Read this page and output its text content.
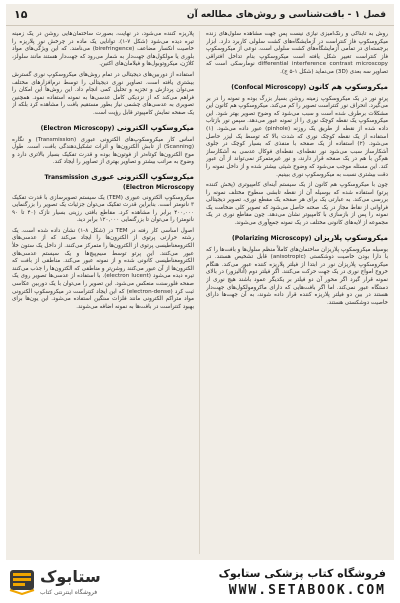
فصل ۱ - بافت‌شناسی و روش‌های مطالعه آن
۱۵

روش به تابناکی و رنگ‌آمیزی نیازی نیست پس جهت مشاهده سلول‌های زنده میکروسکوپ فاز کنتراست در آزمایشگاه‌های کشت سلولی کاربرد دارد. ابزار برجسته‌ای در تمامی آزمایشگاه‌های کشت سلولی است. نوعی از میکروسکوپ فاز کنتراست تغییر شکل یافته است میکروسکوپ بنام تداخل افتراقی differential interference contrast microscopy نومارسکی است که تصاویر سه بعدی (3D) می‌نماید (شکل ۱-۵ ج).

میکروسکوپ هم کانون (Confocal Microscopy)

پرتو نور در یک میکروسکوپ زمینه روشن بسیار بزرگ بوده و نمونه را در بر می‌گیرد. انحراف نور کنتراست تصویر را کم می‌کند. میکروسکوپ هم کانون این مشکلات برطرف شده است و سبب می‌شود که وضوح تصویر بهتر شود. این میکروسکوپ یک نقطه کوچک نوری را از نمونه عبور می‌دهد. سپس نور بازتاب داده شده از نقطه از طریق یک روزنه (pinhole) عبور داده می‌شود. (۱) استفاده از یک نقطه کوچک نوری که شدت بالا که توسط یک لیزر حاصل می‌شود. (۲) استفاده از یک صفحه با منفذی که بسیار کوچک در جلوی آشکارساز سبب می‌شود نور نقطه‌ای، نقطه‌ای فوکال عدسی به آشکارساز هم‌گن با هم در یک صفحه قرار دارند، و نور غیرمتمرکز نمی‌تواند از آن عبور کند. این مسئله موجب می‌شود که وضوح شیئی بیشتر شده و از داخل نمونه را دقت بیشتری نسبت به میکروسکوپ نوری ببینیم.

چون با میکروسکوپ هم کانون از یک سیستم آینه‌ای کامپیوتری (پخش کننده پرتو) استفاده شده که بوسیله آن از نقطه تابشی سطوح مختلف نمونه را بررسی می‌کند. به عبارتی یک برای هر صفحه یک مقطع نوری، تصویر دیجیتالی فراوانی از نقاط مجاز در یک صحنه حاصل می‌شود که تصویر کلی ضخامت یک نمونه را پس از بازسازی با کامپیوتر نشان می‌دهد. چون مقاطع نوری در یک مجموعه از لایه‌های کانونی مختلف در یک نمونه جمع‌آوری می‌شوند.

میکروسکوپ پلاریزان (Polarizing Microscopy)

بوسیله میکروسکوپ پلاریزان ساختمان‌های کاملاً منظم سلول‌ها و بافت‌ها را که با دارا بودن خاصیت دوشکستی (anisotropic) قابل تشخیص هستند. در میکروسکوپ پلاریزان نور در ابتدا از فیلتر پلاریزه کننده عبور می‌کند. هنگام خروج امواج نوری در یک جهت حرکت می‌کنند. اگر فیلتر دوم (آنالیزور) در بالای نمونه قرار گیرد اگر محور آن دو فیلتر بر یکدیگر عمود باشند هیچ نوری از دستگاه عبور نمی‌کند. اما اگر بافت‌هایی که دارای ماکرومولکول‌های جهت‌دار هستند در بین دو فیلتر پلاریزه کننده قرار داده شوند، به آن جهت‌ها دارای خاصیت دوشکستی هستند.

پلاریزه کننده می‌شود، در نهایت، بصورت ساختمان‌هایی روشن در یک زمینه تیره دیده می‌شود (شکل ۷-۱). توانایی یک ماده در چرخش نور پلاریزه را خاصیت انکسار مضاعف (birefringence) می‌نامند. که این ویژگی‌های مواد بلوری یا مولکول‌های جهت‌دار به شمار می‌رود که جهت‌دار هستند مانند سلولز، کلاژن، میکروتوبول‌ها و فیلامان‌های اکتین.

استفاده از دوربین‌های دیجیتالی در تمام روش‌های میکروسکوپ نوری گسترش بیشتری یافته است. تصاویر نوری دیجیتالی را توسط نرم‌افزارهای مختلف می‌توان پردازش و تجزیه و تحلیل کمی انجام داد. این روش‌ها این امکان را فراهم می‌کند که از نزدیکی کامل عدسی‌ها به نمونه استفاده نمود. همچنین تصویری به عدسی‌های چشمی نیاز بطور مستقیم بافت را مشاهده کرد بلکه از یک صفحه نمایش کامپیوتر قابل رؤیت است.

میکروسکوپ الکترونی (Electron Microscopy)

اساس کار میکروسکوپ‌های الکترونی عبوری (Transmission) و نگاره (Scanning) از تابش الکترون‌ها و اثرات تشکیل‌دهندگی بافت، است. طول موج الکترون‌ها کوتاه‌تر از فوتون‌ها بوده و قدرت تفکیک بسیار بالاتری دارد و وضوح به مراتب بیشتر و تصاویر بهتری از تصاویر را ایجاد کند.

میکروسکوپ الکترونی عبوری Transmission
(Electron Microscopy

میکروسکوپ الکترونی عبوری (TEM) یک سیستم تصویرسازی با قدرت تفکیک ۳ نانومتر است. بنابراین قدرت تفکیک می‌توان جزئیات یک تصویر را بزرگنمایی ۴۰۰,۰۰۰ برابر را مشاهده کرد. مقاطع بافتی رزینی بسیار نازک (۴۰ تا ۹۰ نانومتر) را می‌توان تا بزرگنمایی ۱۲۰,۰۰۰ برابر دید.

اصول اساسی کار رفته در TEM در (شکل ۸-۱) نشان داده شده است. یک رشته حرارتی پرتوی از الکترون‌ها را ایجاد می‌کند که از عدسی‌های الکترومغناطیسی پرتوی از الکترون‌ها را متمرکز می‌کنند. از داخل یک ستون خلأ عبور می‌کنند. این پرتو توسط سیم‌پیچ‌ها و یک سیستم عدسی‌های الکترومغناطیسی کانونی شده و از نمونه عبور می‌کند. مناطقی از بافت که الکترون‌ها از آن عبور می‌کنند روشن‌تر و مناطقی که الکترون‌ها را جذب می‌کنند تیره دیده می‌شود (electron lucent). با استفاده از عدسی‌ها تصویر روی یک صفحه فلورسنت منعکس می‌شود. این تصویر را می‌توان با یک دوربین عکاسی ثبت کرد (electron-dense) که این ایجاد کنتراست در میکروسکوپ الکترونی مواد متراکم الکترونی مانند فلزات سنگین استفاده می‌شود. این یون‌ها برای بهبود کنتراست در بافت‌ها به نمونه اضافه می‌شوند.

ستابوک
فروشگاه اینترنتی کتاب
فروشگاه کتاب پزشکی ستابوک
WWW.SETABOOK.COM
